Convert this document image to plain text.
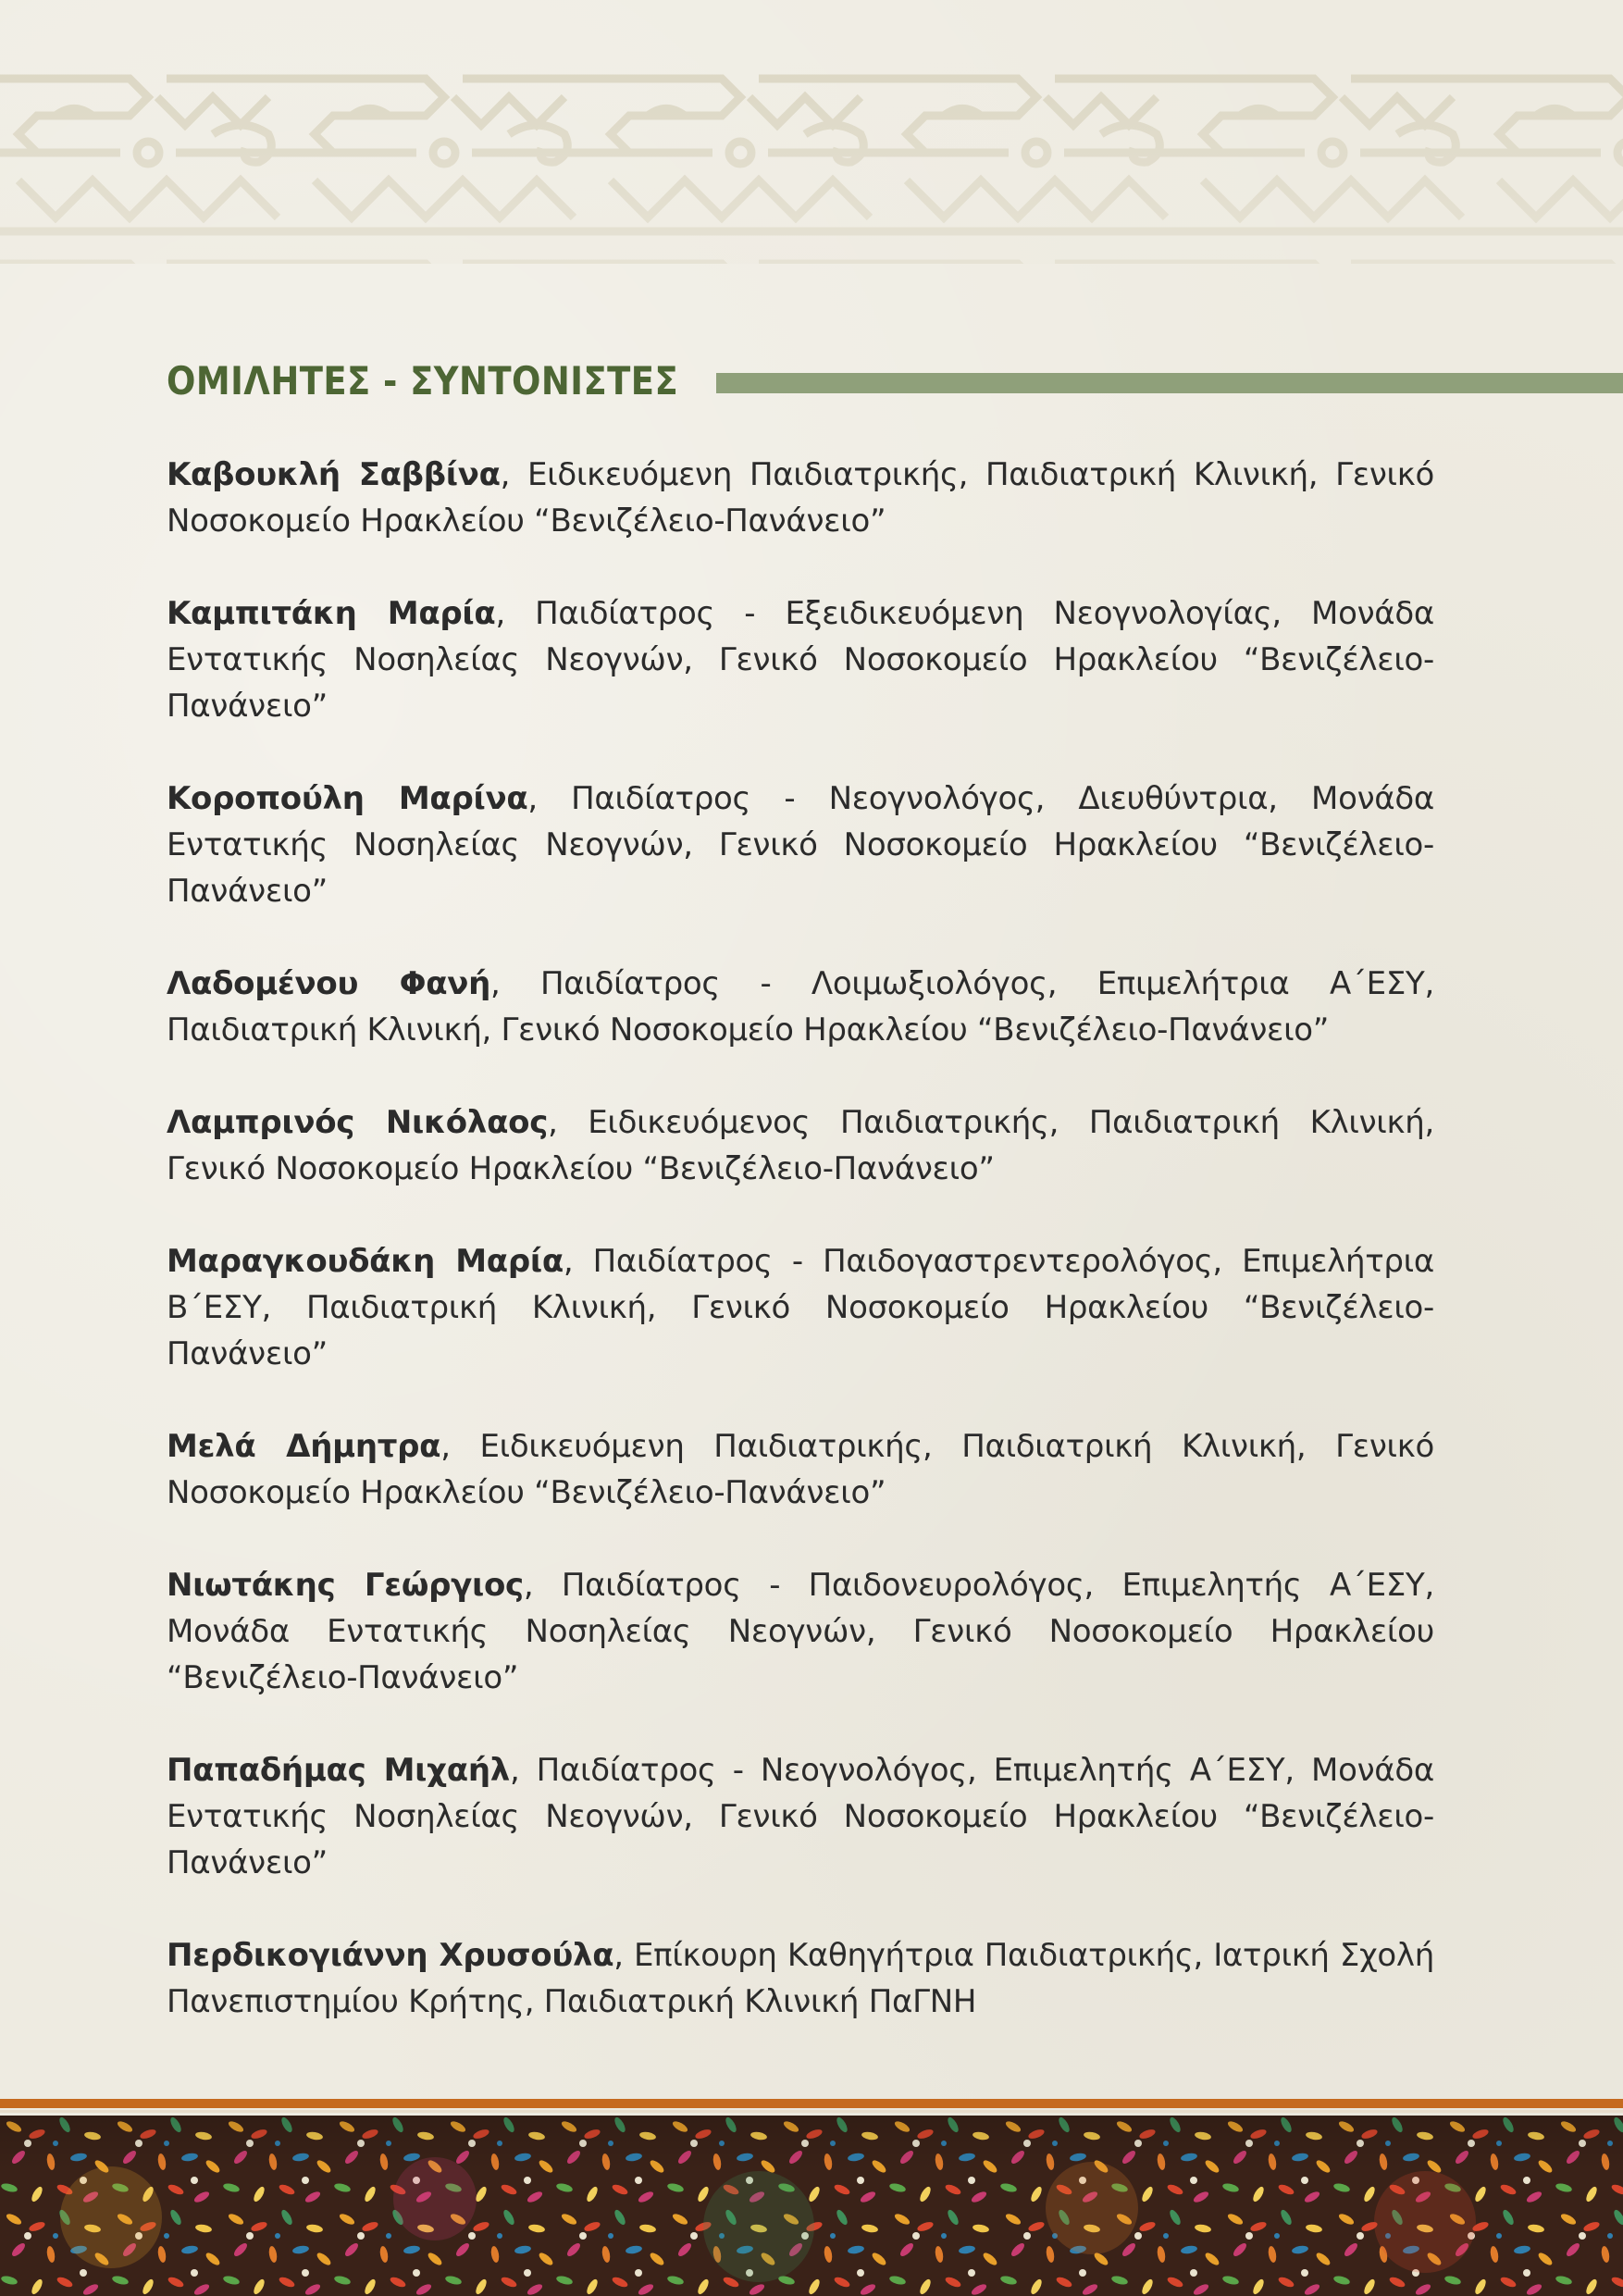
ΟΜΙΛΗΤΕΣ - ΣΥΝΤΟΝΙΣΤΕΣ

Καβουκλή Σαββίνα, Ειδικευόμενη Παιδιατρικής, Παιδιατρική Κλινική, Γενικό Νοσοκομείο Ηρακλείου “Βενιζέλειο-Πανάνειο”

Καμπιτάκη Μαρία, Παιδίατρος - Εξειδικευόμενη Νεογνολογίας, Μονάδα Εντατικής Νοσηλείας Νεογνών, Γενικό Νοσοκομείο Ηρακλείου “Βενιζέλειο-Πανάνειο”

Κοροπούλη Μαρίνα, Παιδίατρος - Νεογνολόγος, Διευθύντρια, Μονάδα Εντατικής Νοσηλείας Νεογνών, Γενικό Νοσοκομείο Ηρακλείου “Βενιζέλειο-Πανάνειο”

Λαδομένου Φανή, Παιδίατρος - Λοιμωξιολόγος, Επιμελήτρια Α΄ΕΣΥ, Παιδιατρική Κλινική, Γενικό Νοσοκομείο Ηρακλείου “Βενιζέλειο-Πανάνειο”

Λαμπρινός Νικόλαος, Ειδικευόμενος Παιδιατρικής, Παιδιατρική Κλινική, Γενικό Νοσοκομείο Ηρακλείου “Βενιζέλειο-Πανάνειο”

Μαραγκουδάκη Μαρία, Παιδίατρος - Παιδογαστρεντερολόγος, Επιμελήτρια Β΄ΕΣΥ, Παιδιατρική Κλινική, Γενικό Νοσοκομείο Ηρακλείου “Βενιζέλειο-Πανάνειο”

Μελά Δήμητρα, Ειδικευόμενη Παιδιατρικής, Παιδιατρική Κλινική, Γενικό Νοσοκομείο Ηρακλείου “Βενιζέλειο-Πανάνειο”

Νιωτάκης Γεώργιος, Παιδίατρος - Παιδονευρολόγος, Επιμελητής Α΄ΕΣΥ, Μονάδα Εντατικής Νοσηλείας Νεογνών, Γενικό Νοσοκομείο Ηρακλείου “Βενιζέλειο-Πανάνειο”

Παπαδήμας Μιχαήλ, Παιδίατρος - Νεογνολόγος, Επιμελητής Α΄ΕΣΥ, Μονάδα Εντατικής Νοσηλείας Νεογνών, Γενικό Νοσοκομείο Ηρακλείου “Βενιζέλειο-Πανάνειο”

Περδικογιάννη Χρυσούλα, Επίκουρη Καθηγήτρια Παιδιατρικής, Ιατρική Σχολή Πανεπιστημίου Κρήτης, Παιδιατρική Κλινική ΠαΓΝΗ
